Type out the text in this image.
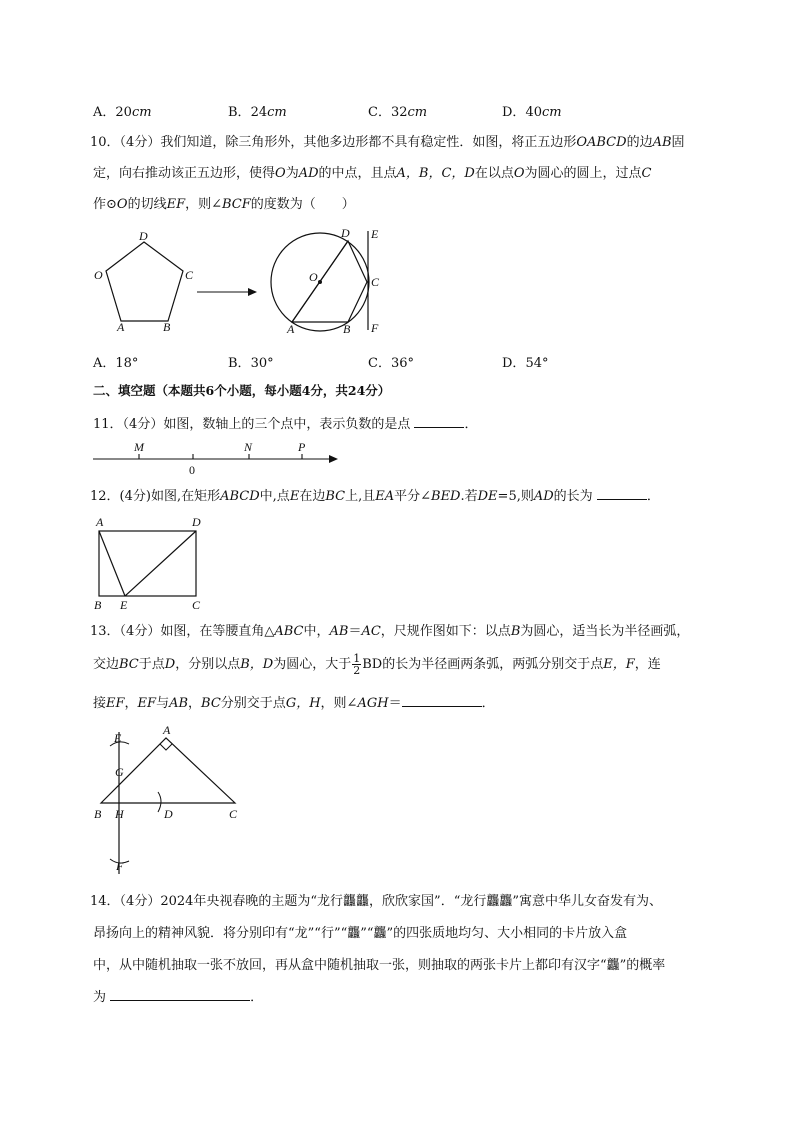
A．20cm	B．24cm	C．32cm	D．40cm
10．（4分）我们知道，除三角形外，其他多边形都不具有稳定性．如图，将正五边形OABCD的边AB固
定，向右推动该正五边形，使得O为AD的中点，且点A，B，C，D在以点O为圆心的圆上，过点C
作⊙O的切线EF，则∠BCF的度数为（　　）
D
O	C
A	B
O
D E
C
F
A	B
A．18°	B．30°	C．36°	D．54°
二、填空题（本题共6个小题，每小题4分，共24分）
11．（4分）如图，数轴上的三个点中，表示负数的是点	．
M	N	P
0
12．(4分)如图,在矩形ABCD中,点E在边BC上,且EA平分∠BED.若DE=5,则AD的长为	．
A	D
B E	C
13．（4分）如图，在等腰直角△ABC中，AB＝AC，尺规作图如下：以点B为圆心，适当长为半径画弧，
交边BC于点D，分别以点B，D为圆心，大于 $\frac{1}{2}$ BD的长为半径画两条弧，两弧分别交于点E，F，连
接EF，EF与AB，BC分别交于点G，H，则∠AGH＝	．
E
A
G
B H	D	C
F
14．（4分）2024年央视春晚的主题为“龙行龘龘，欣欣家国”．“龙行龘龘”寓意中华儿女奋发有为、
昂扬向上的精神风貌．将分别印有“龙”“行”“龘”“龘”的四张质地均匀、大小相同的卡片放入盒
中，从中随机抽取一张不放回，再从盒中随机抽取一张，则抽取的两张卡片上都印有汉字“龘”的概率
为	．
